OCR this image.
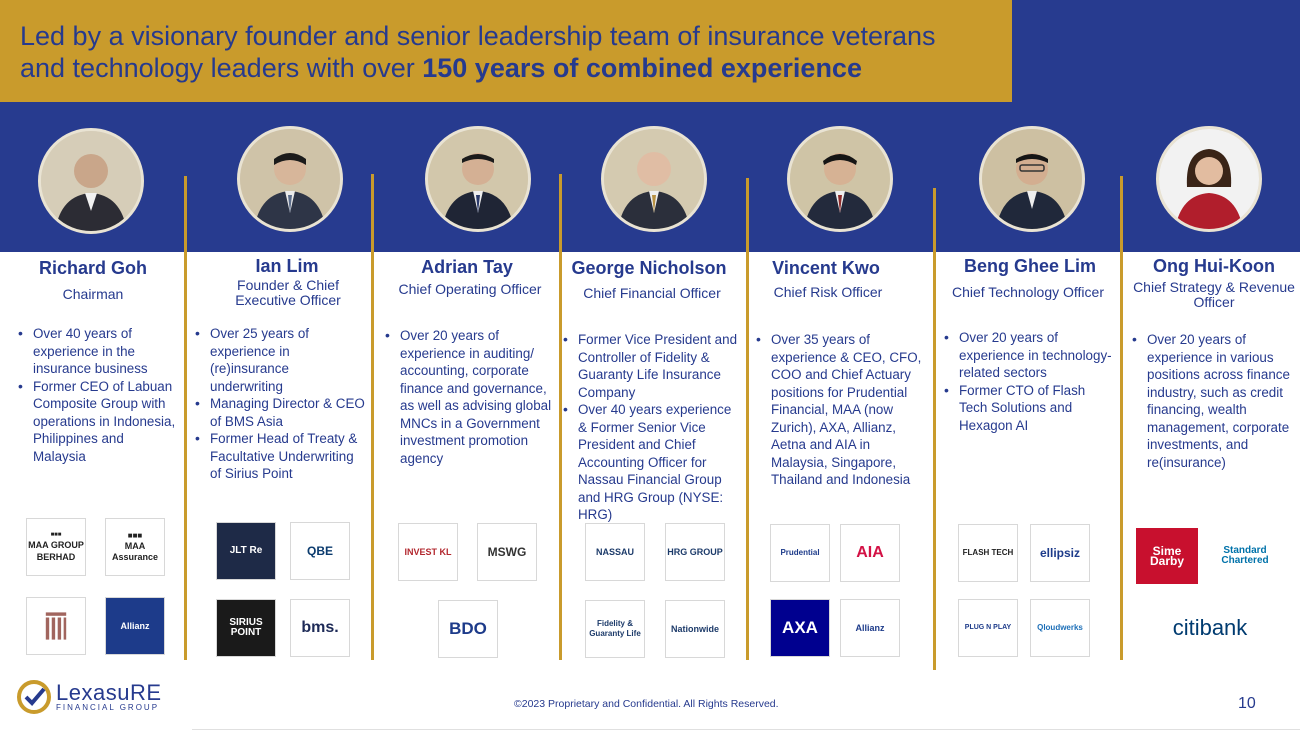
Led by a visionary founder and senior leadership team of insurance veterans
and technology leaders with over 150 years of combined experience
Richard Goh
Chairman
• Over 40 years of experience in the insurance business
• Former CEO of Labuan Composite Group with operations in Indonesia, Philippines and Malaysia
■■■
MAA GROUP BERHAD
■■■
MAA Assurance
Allianz
Ian Lim
Founder & Chief Executive Officer
• Over 25 years of experience in (re)insurance underwriting
• Managing Director & CEO of BMS Asia
• Former Head of Treaty & Facultative Underwriting of Sirius Point
JLT Re	QBE
SIRIUS POINT	bms.
Adrian Tay
Chief Operating Officer
• Over 20 years of experience in auditing/ accounting, corporate finance and governance, as well as advising global MNCs in a Government investment promotion agency
INVEST KL	MSWG
BDO
George Nicholson
Chief Financial Officer
• Former Vice President and Controller of Fidelity & Guaranty Life Insurance Company
• Over 40 years experience & Former Senior Vice President and Chief Accounting Officer for Nassau Financial Group and HRG Group (NYSE: HRG)
NASSAU	HRG GROUP
Fidelity & Guaranty Life	Nationwide
Vincent Kwo
Chief Risk Officer
• Over 35 years of experience & CEO, CFO, COO and Chief Actuary positions for Prudential Financial, MAA (now Zurich), AXA, Allianz, Aetna and AIA in Malaysia, Singapore, Thailand and Indonesia
Prudential AIA
AXA	Allianz
Beng Ghee Lim
Chief Technology Officer
• Over 20 years of experience in technology-related sectors
• Former CTO of Flash Tech Solutions and Hexagon AI
FLASH TECH ellipsiz
PLUG N PLAY	Qloudwerks
Ong Hui-Koon
Chief Strategy & Revenue Officer
• Over 20 years of experience in various positions across finance industry, such as credit financing, wealth management, corporate investments, and re(insurance)
Sime Darby
Standard Chartered
citibank
LexasuRE
FINANCIAL GROUP	©2023 Proprietary and Confidential. All Rights Reserved.	10
